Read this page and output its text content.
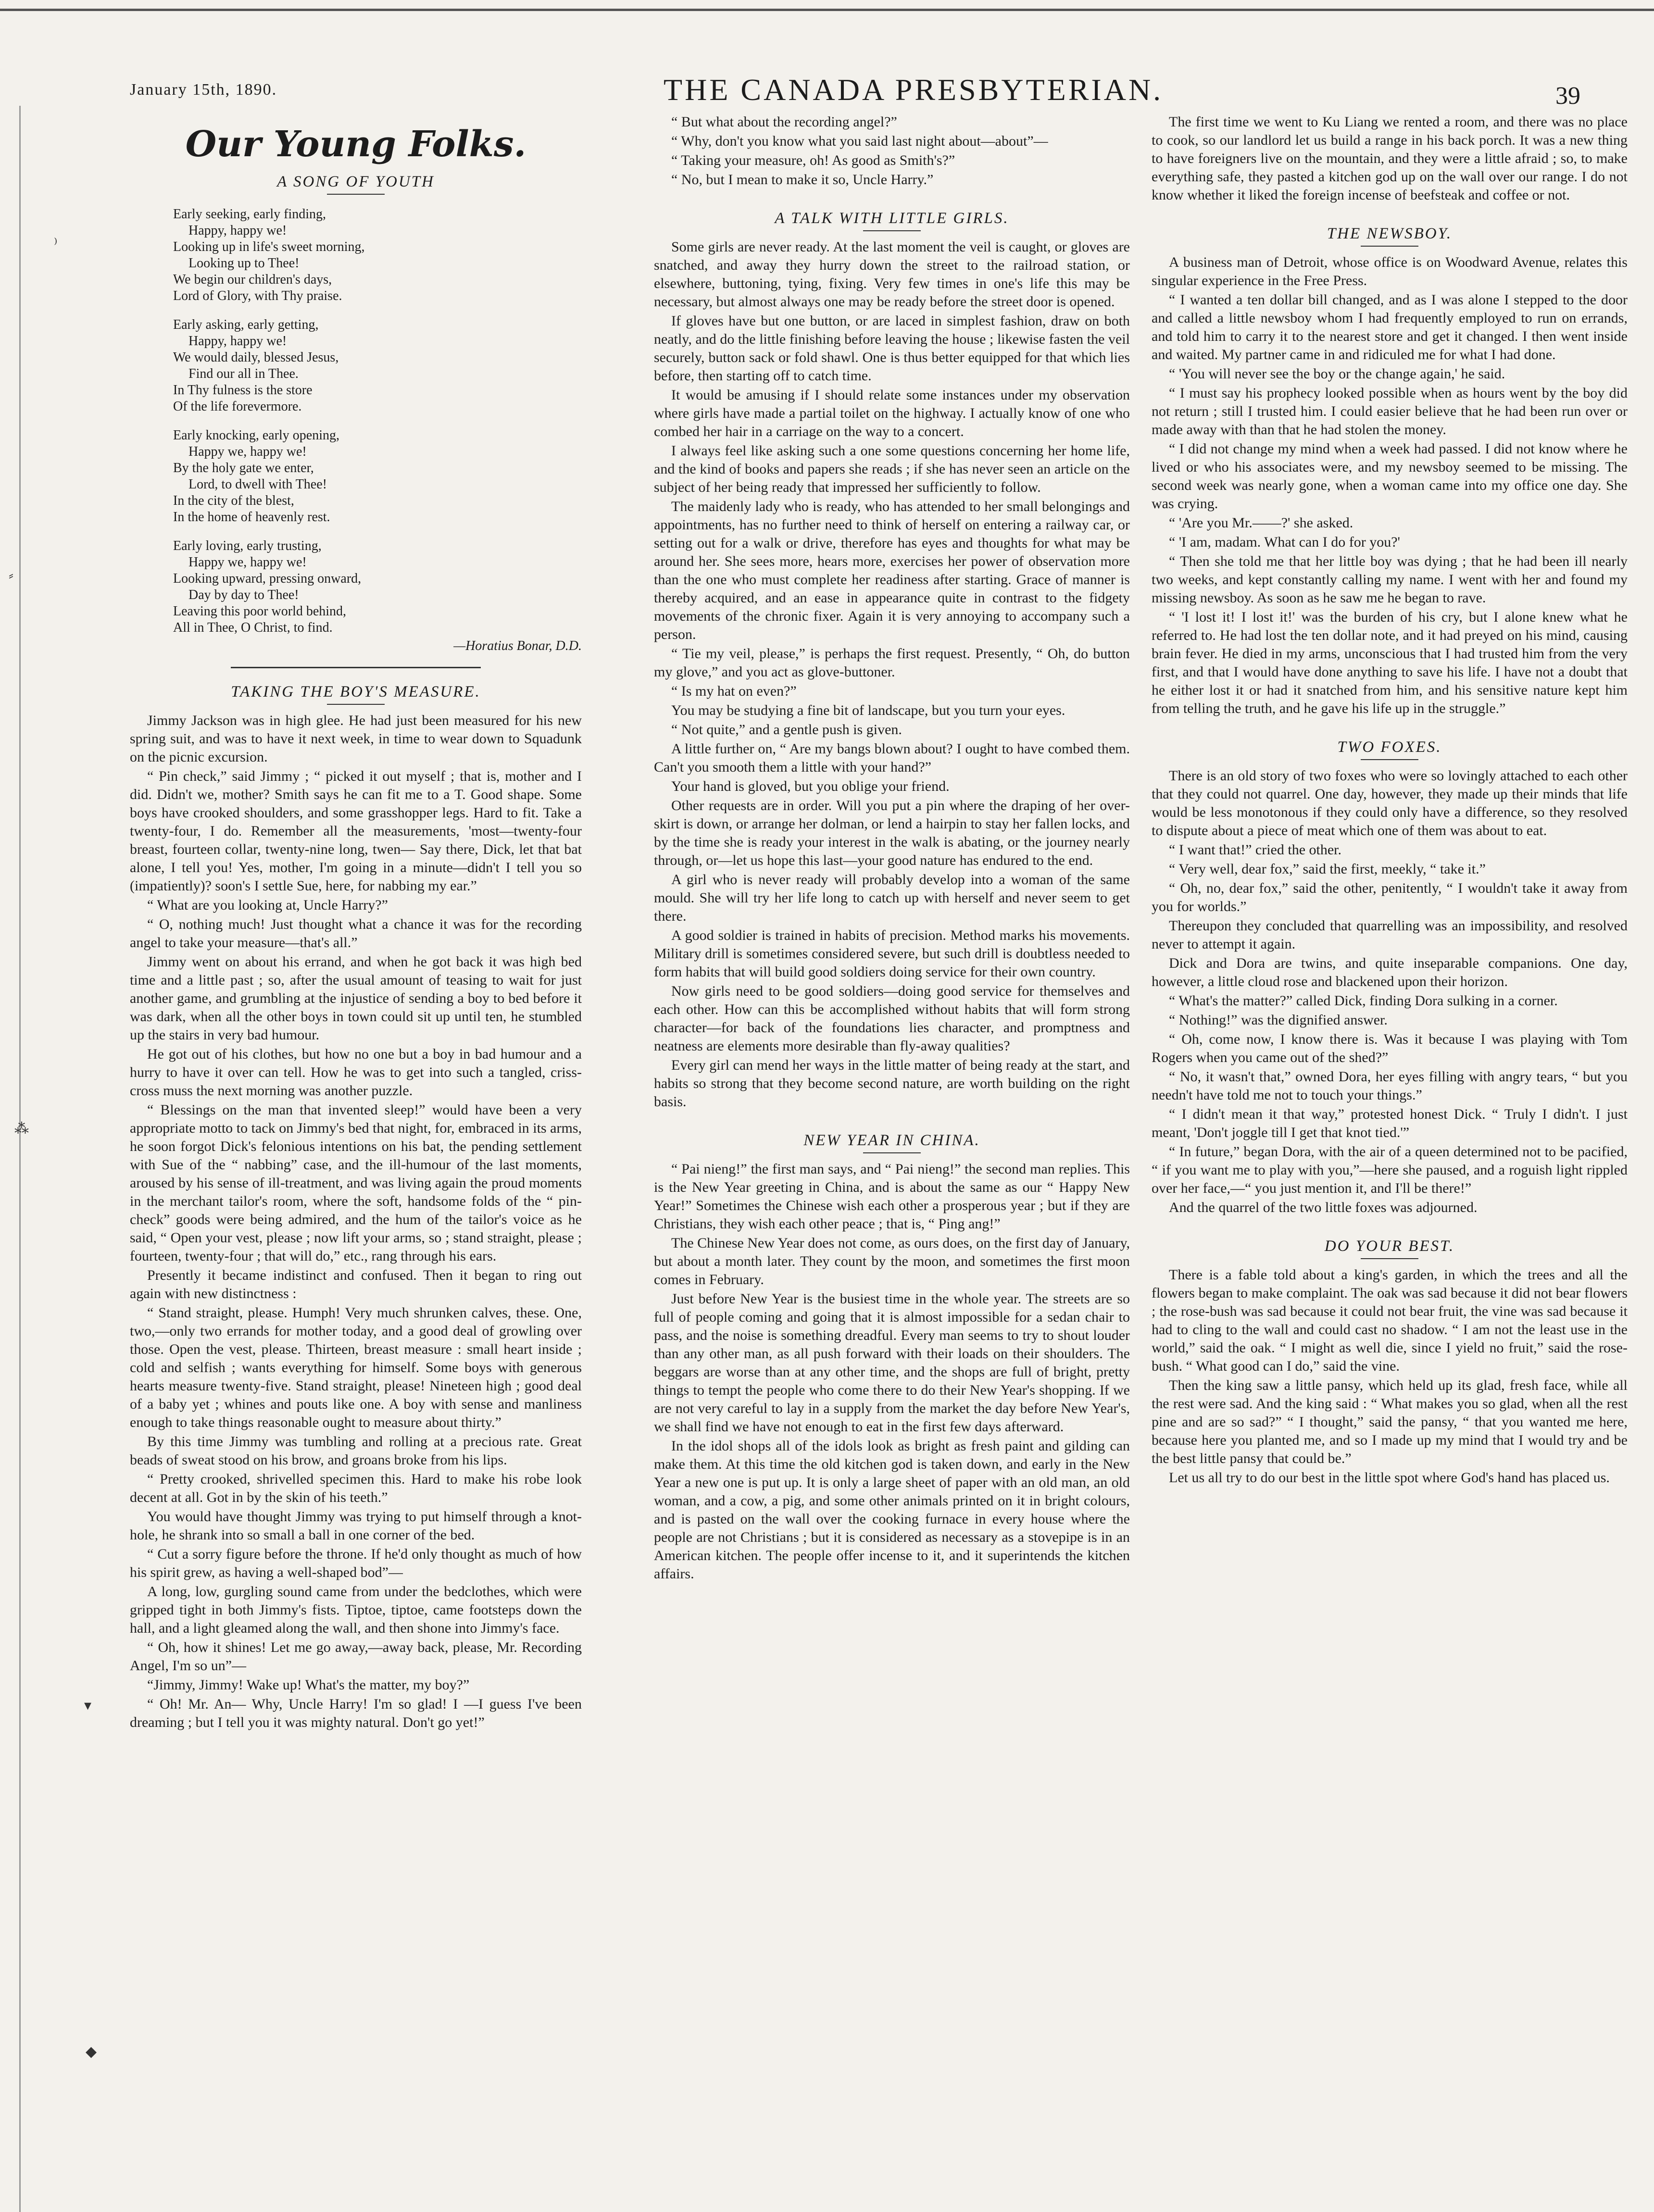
⁾
⸗
⁂
▾
◆
January 15th, 1890.	THE CANADA PRESBYTERIAN.	39
Our Young Folks.
A SONG OF YOUTH
Early seeking, early finding,
Happy, happy we!
Looking up in life's sweet morning,
Looking up to Thee!
We begin our children's days,
Lord of Glory, with Thy praise.
Early asking, early getting,
Happy, happy we!
We would daily, blessed Jesus,
Find our all in Thee.
In Thy fulness is the store
Of the life forevermore.
Early knocking, early opening,
Happy we, happy we!
By the holy gate we enter,
Lord, to dwell with Thee!
In the city of the blest,
In the home of heavenly rest.
Early loving, early trusting,
Happy we, happy we!
Looking upward, pressing onward,
Day by day to Thee!
Leaving this poor world behind,
All in Thee, O Christ, to find.
—Horatius Bonar, D.D.
TAKING THE BOY'S MEASURE.

Jimmy Jackson was in high glee. He had just been measured for his new spring suit, and was to have it next week, in time to wear down to Squadunk on the picnic excursion.

“ Pin check,” said Jimmy ; “ picked it out myself ; that is, mother and I did. Didn't we, mother? Smith says he can fit me to a T. Good shape. Some boys have crooked shoulders, and some grasshopper legs. Hard to fit. Take a twenty-four, I do. Remember all the measurements, 'most—twenty-four breast, fourteen collar, twenty-nine long, twen— Say there, Dick, let that bat alone, I tell you! Yes, mother, I'm going in a minute—didn't I tell you so (impatiently)? soon's I settle Sue, here, for nabbing my ear.”

“ What are you looking at, Uncle Harry?”

“ O, nothing much! Just thought what a chance it was for the recording angel to take your measure—that's all.”

Jimmy went on about his errand, and when he got back it was high bed time and a little past ; so, after the usual amount of teasing to wait for just another game, and grumbling at the injustice of sending a boy to bed before it was dark, when all the other boys in town could sit up until ten, he stumbled up the stairs in very bad humour.

He got out of his clothes, but how no one but a boy in bad humour and a hurry to have it over can tell. How he was to get into such a tangled, criss-cross muss the next morning was another puzzle.

“ Blessings on the man that invented sleep!” would have been a very appropriate motto to tack on Jimmy's bed that night, for, embraced in its arms, he soon forgot Dick's felonious intentions on his bat, the pending settlement with Sue of the “ nabbing” case, and the ill-humour of the last moments, aroused by his sense of ill-treatment, and was living again the proud moments in the merchant tailor's room, where the soft, handsome folds of the “ pin-check” goods were being admired, and the hum of the tailor's voice as he said, “ Open your vest, please ; now lift your arms, so ; stand straight, please ; fourteen, twenty-four ; that will do,” etc., rang through his ears.

Presently it became indistinct and confused. Then it began to ring out again with new distinctness :

“ Stand straight, please. Humph! Very much shrunken calves, these. One, two,—only two errands for mother today, and a good deal of growling over those. Open the vest, please. Thirteen, breast measure : small heart inside ; cold and selfish ; wants everything for himself. Some boys with generous hearts measure twenty-five. Stand straight, please! Nineteen high ; good deal of a baby yet ; whines and pouts like one. A boy with sense and manliness enough to take things reasonable ought to measure about thirty.”

By this time Jimmy was tumbling and rolling at a precious rate. Great beads of sweat stood on his brow, and groans broke from his lips.

“ Pretty crooked, shrivelled specimen this. Hard to make his robe look decent at all. Got in by the skin of his teeth.”

You would have thought Jimmy was trying to put himself through a knot-hole, he shrank into so small a ball in one corner of the bed.

“ Cut a sorry figure before the throne. If he'd only thought as much of how his spirit grew, as having a well-shaped bod”—

A long, low, gurgling sound came from under the bedclothes, which were gripped tight in both Jimmy's fists. Tiptoe, tiptoe, came footsteps down the hall, and a light gleamed along the wall, and then shone into Jimmy's face.

“ Oh, how it shines! Let me go away,—away back, please, Mr. Recording Angel, I'm so un”—

“Jimmy, Jimmy! Wake up! What's the matter, my boy?”

“ Oh! Mr. An— Why, Uncle Harry! I'm so glad! I —I guess I've been dreaming ; but I tell you it was mighty natural. Don't go yet!”

“ But what about the recording angel?”

“ Why, don't you know what you said last night about—about”—

“ Taking your measure, oh! As good as Smith's?”

“ No, but I mean to make it so, Uncle Harry.”

A TALK WITH LITTLE GIRLS.

Some girls are never ready. At the last moment the veil is caught, or gloves are snatched, and away they hurry down the street to the railroad station, or elsewhere, buttoning, tying, fixing. Very few times in one's life this may be necessary, but almost always one may be ready before the street door is opened.

If gloves have but one button, or are laced in simplest fashion, draw on both neatly, and do the little finishing before leaving the house ; likewise fasten the veil securely, button sack or fold shawl. One is thus better equipped for that which lies before, then starting off to catch time.

It would be amusing if I should relate some instances under my observation where girls have made a partial toilet on the highway. I actually know of one who combed her hair in a carriage on the way to a concert.

I always feel like asking such a one some questions concerning her home life, and the kind of books and papers she reads ; if she has never seen an article on the subject of her being ready that impressed her sufficiently to follow.

The maidenly lady who is ready, who has attended to her small belongings and appointments, has no further need to think of herself on entering a railway car, or setting out for a walk or drive, therefore has eyes and thoughts for what may be around her. She sees more, hears more, exercises her power of observation more than the one who must complete her readiness after starting. Grace of manner is thereby acquired, and an ease in appearance quite in contrast to the fidgety movements of the chronic fixer. Again it is very annoying to accompany such a person.

“ Tie my veil, please,” is perhaps the first request. Presently, “ Oh, do button my glove,” and you act as glove-buttoner.

“ Is my hat on even?”

You may be studying a fine bit of landscape, but you turn your eyes.

“ Not quite,” and a gentle push is given.

A little further on, “ Are my bangs blown about? I ought to have combed them. Can't you smooth them a little with your hand?”

Your hand is gloved, but you oblige your friend.

Other requests are in order. Will you put a pin where the draping of her over-skirt is down, or arrange her dolman, or lend a hairpin to stay her fallen locks, and by the time she is ready your interest in the walk is abating, or the journey nearly through, or—let us hope this last—your good nature has endured to the end.

A girl who is never ready will probably develop into a woman of the same mould. She will try her life long to catch up with herself and never seem to get there.

A good soldier is trained in habits of precision. Method marks his movements. Military drill is sometimes considered severe, but such drill is doubtless needed to form habits that will build good soldiers doing service for their own country.

Now girls need to be good soldiers—doing good service for themselves and each other. How can this be accomplished without habits that will form strong character—for back of the foundations lies character, and promptness and neatness are elements more desirable than fly-away qualities?

Every girl can mend her ways in the little matter of being ready at the start, and habits so strong that they become second nature, are worth building on the right basis.

NEW YEAR IN CHINA.

“ Pai nieng!” the first man says, and “ Pai nieng!” the second man replies. This is the New Year greeting in China, and is about the same as our “ Happy New Year!” Sometimes the Chinese wish each other a prosperous year ; but if they are Christians, they wish each other peace ; that is, “ Ping ang!”

The Chinese New Year does not come, as ours does, on the first day of January, but about a month later. They count by the moon, and sometimes the first moon comes in February.

Just before New Year is the busiest time in the whole year. The streets are so full of people coming and going that it is almost impossible for a sedan chair to pass, and the noise is something dreadful. Every man seems to try to shout louder than any other man, as all push forward with their loads on their shoulders. The beggars are worse than at any other time, and the shops are full of bright, pretty things to tempt the people who come there to do their New Year's shopping. If we are not very careful to lay in a supply from the market the day before New Year's, we shall find we have not enough to eat in the first few days afterward.

In the idol shops all of the idols look as bright as fresh paint and gilding can make them. At this time the old kitchen god is taken down, and early in the New Year a new one is put up. It is only a large sheet of paper with an old man, an old woman, and a cow, a pig, and some other animals printed on it in bright colours, and is pasted on the wall over the cooking furnace in every house where the people are not Christians ; but it is considered as necessary as a stovepipe is in an American kitchen. The people offer incense to it, and it superintends the kitchen affairs.

The first time we went to Ku Liang we rented a room, and there was no place to cook, so our landlord let us build a range in his back porch. It was a new thing to have foreigners live on the mountain, and they were a little afraid ; so, to make everything safe, they pasted a kitchen god up on the wall over our range. I do not know whether it liked the foreign incense of beefsteak and coffee or not.

THE NEWSBOY.

A business man of Detroit, whose office is on Woodward Avenue, relates this singular experience in the Free Press.

“ I wanted a ten dollar bill changed, and as I was alone I stepped to the door and called a little newsboy whom I had frequently employed to run on errands, and told him to carry it to the nearest store and get it changed. I then went inside and waited. My partner came in and ridiculed me for what I had done.

“ 'You will never see the boy or the change again,' he said.

“ I must say his prophecy looked possible when as hours went by the boy did not return ; still I trusted him. I could easier believe that he had been run over or made away with than that he had stolen the money.

“ I did not change my mind when a week had passed. I did not know where he lived or who his associates were, and my newsboy seemed to be missing. The second week was nearly gone, when a woman came into my office one day. She was crying.

“ 'Are you Mr.——?' she asked.

“ 'I am, madam. What can I do for you?'

“ Then she told me that her little boy was dying ; that he had been ill nearly two weeks, and kept constantly calling my name. I went with her and found my missing newsboy. As soon as he saw me he began to rave.

“ 'I lost it! I lost it!' was the burden of his cry, but I alone knew what he referred to. He had lost the ten dollar note, and it had preyed on his mind, causing brain fever. He died in my arms, unconscious that I had trusted him from the very first, and that I would have done anything to save his life. I have not a doubt that he either lost it or had it snatched from him, and his sensitive nature kept him from telling the truth, and he gave his life up in the struggle.”

TWO FOXES.

There is an old story of two foxes who were so lovingly attached to each other that they could not quarrel. One day, however, they made up their minds that life would be less monotonous if they could only have a difference, so they resolved to dispute about a piece of meat which one of them was about to eat.

“ I want that!” cried the other.

“ Very well, dear fox,” said the first, meekly, “ take it.”

“ Oh, no, dear fox,” said the other, penitently, “ I wouldn't take it away from you for worlds.”

Thereupon they concluded that quarrelling was an impossibility, and resolved never to attempt it again.

Dick and Dora are twins, and quite inseparable companions. One day, however, a little cloud rose and blackened upon their horizon.

“ What's the matter?” called Dick, finding Dora sulking in a corner.

“ Nothing!” was the dignified answer.

“ Oh, come now, I know there is. Was it because I was playing with Tom Rogers when you came out of the shed?”

“ No, it wasn't that,” owned Dora, her eyes filling with angry tears, “ but you needn't have told me not to touch your things.”

“ I didn't mean it that way,” protested honest Dick. “ Truly I didn't. I just meant, 'Don't joggle till I get that knot tied.'”

“ In future,” began Dora, with the air of a queen determined not to be pacified, “ if you want me to play with you,”—here she paused, and a roguish light rippled over her face,—“ you just mention it, and I'll be there!”

And the quarrel of the two little foxes was adjourned.

DO YOUR BEST.

There is a fable told about a king's garden, in which the trees and all the flowers began to make complaint. The oak was sad because it did not bear flowers ; the rose-bush was sad because it could not bear fruit, the vine was sad because it had to cling to the wall and could cast no shadow. “ I am not the least use in the world,” said the oak. “ I might as well die, since I yield no fruit,” said the rose-bush. “ What good can I do,” said the vine.

Then the king saw a little pansy, which held up its glad, fresh face, while all the rest were sad. And the king said : “ What makes you so glad, when all the rest pine and are so sad?” “ I thought,” said the pansy, “ that you wanted me here, because here you planted me, and so I made up my mind that I would try and be the best little pansy that could be.”

Let us all try to do our best in the little spot where God's hand has placed us.
